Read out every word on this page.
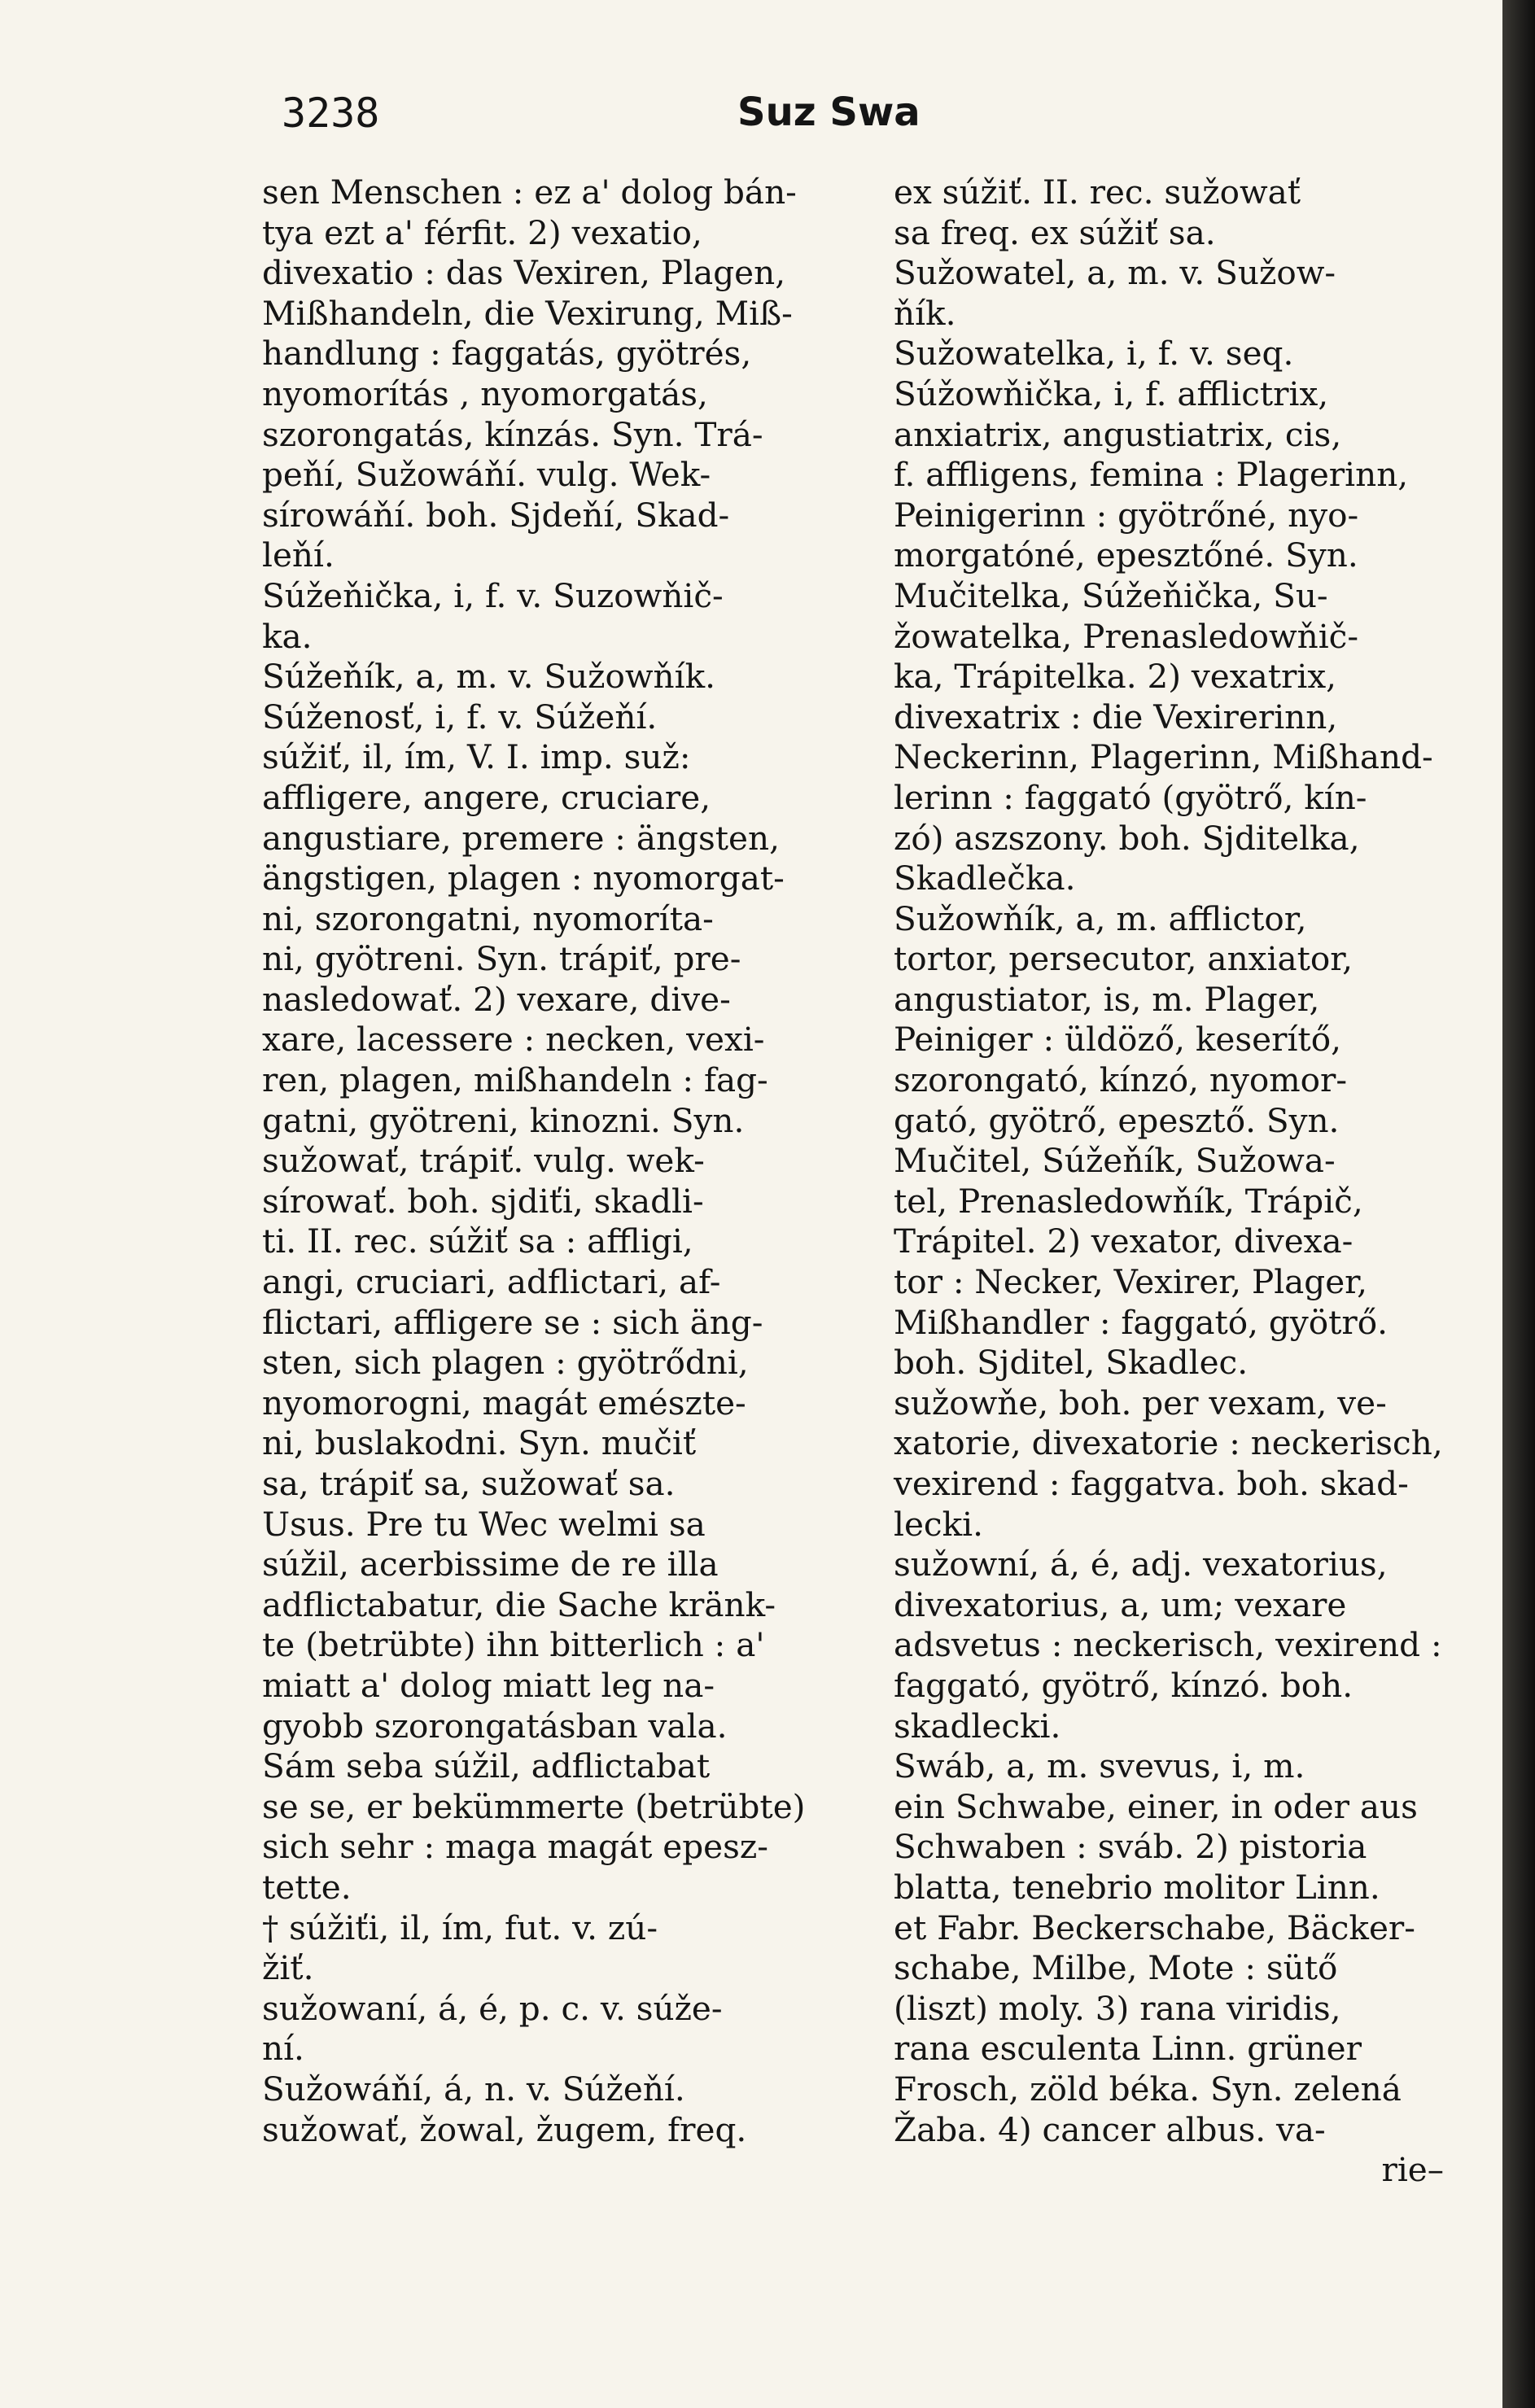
3238	Suz Swa
sen Menschen : ez a' dolog bán-
tya ezt a' férfit. 2) vexatio,
divexatio : das Vexiren, Plagen,
Mißhandeln, die Vexirung, Miß-
handlung : faggatás, gyötrés,
nyomorítás , nyomorgatás,
szorongatás, kínzás. Syn. Trá-
peňí, Sužowáňí. vulg. Wek-
sírowáňí. boh. Sjdeňí, Skad-
leňí.
Súžeňička, i, f. v. Suzowňič-
ka.
Súžeňík, a, m. v. Sužowňík.
Súženosť, i, f. v. Súžeňí.
súžiť, il, ím, V. I. imp. suž:
affligere, angere, cruciare,
angustiare, premere : ängsten,
ängstigen, plagen : nyomorgat-
ni, szorongatni, nyomorítа-
ni, gyötreni. Syn. trápiť, pre-
nasledowať. 2) vexare, dive-
xare, lacessere : necken, vexi-
ren, plagen, mißhandeln : fag-
gatni, gyötreni, kinozni. Syn.
sužowať, trápiť. vulg. wek-
sírowať. boh. sjdiťi, skadli-
ti. II. rec. súžiť sa : affligi,
angi, cruciari, adflictari, af-
flictari, affligere se : sich äng-
sten, sich plagen : gyötrődni,
nyomorogni, magát emészte-
ni, buslakodni. Syn. mučiť
sa, trápiť sa, sužowať sa.
Usus. Pre tu Wec welmi sa
súžil, acerbissime de re illa
adflictabatur, die Sache kränk-
te (betrübte) ihn bitterlich : a'
miatt a' dolog miatt leg na-
gyobb szorongatásban vala.
Sám seba súžil, adflictabat
se se, er bekümmerte (betrübte)
sich sehr : maga magát epesz-
tette.
† súžiťi, il, ím, fut. v. zú-
žiť.
sužowaní, á, é, p. c. v. súže-
ní.
Sužowáňí, á, n. v. Súžeňí.
sužowať, žowal, žugem, freq.
ex súžiť. II. rec. sužowať
sa freq. ex súžiť sa.
Sužowatel, a, m. v. Sužow-
ňík.
Sužowatelka, i, f. v. seq.
Súžowňička, i, f. afflictrix,
anxiatrix, angustiatrix, cis,
f. affligens, femina : Plagerinn,
Peinigerinn : gyötrőné, nyo-
morgatóné, epesztőné. Syn.
Mučitelka, Súžeňička, Su-
žowatelka, Prenasledowňič-
ka, Trápitelka. 2) vexatrix,
divexatrix : die Vexirerinn,
Neckerinn, Plagerinn, Mißhand-
lerinn : faggató (gyötrő, kín-
zó) aszszony. boh. Sjditelka,
Skadlečka.
Sužowňík, a, m. afflictor,
tortor, persecutor, anxiator,
angustiator, is, m. Plager,
Peiniger : üldöző, keserítő,
szorongató, kínzó, nyomor-
gató, gyötrő, epesztő. Syn.
Mučitel, Súžeňík, Sužowa-
tel, Prenasledowňík, Trápič,
Trápitel. 2) vexator, divexa-
tor : Necker, Vexirer, Plager,
Mißhandler : faggató, gyötrő.
boh. Sjditel, Skadlec.
sužowňe, boh. per vexam, ve-
xatorie, divexatorie : neckerisch,
vexirend : faggatva. boh. skad-
lecki.
sužowní, á, é, adj. vexatorius,
divexatorius, a, um; vexare
adsvetus : neckerisch, vexirend :
faggató, gyötrő, kínzó. boh.
skadlecki.
Swáb, a, m. svevus, i, m.
ein Schwabe, einer, in oder aus
Schwaben : sváb. 2) pistoria
blatta, tenebrio molitor Linn.
et Fabr. Beckerschabe, Bäcker-
schabe, Milbe, Mote : sütő
(liszt) moly. 3) rana viridis,
rana esculenta Linn. grüner
Frosch, zöld béka. Syn. zelená
Žaba. 4) cancer albus. va-
rie–
